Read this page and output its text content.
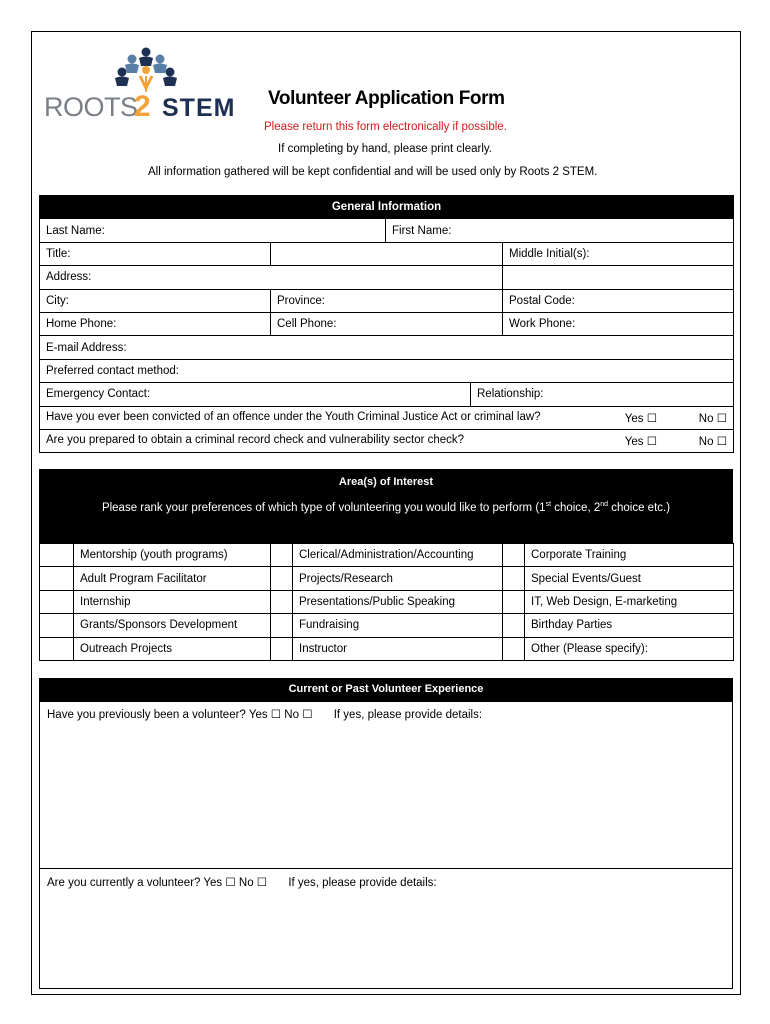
ROOTS
2 STEM Volunteer Application Form
Please return this form electronically if possible.
If completing by hand, please print clearly.
All information gathered will be kept confidential and will be used only by Roots 2 STEM.
General Information				
Last Name:		First Name:		
Title:				Middle Initial(s):
Address:				
City:	Province:			Postal Code:
Home Phone:	Cell Phone:			Work Phone:
E-mail Address:				
Preferred contact method:				
Emergency Contact:			Relationship:	
Have you ever been convicted of an offence under the Youth Criminal Justice Act or criminal law? Yes ☐ No ☐				

Are you prepared to obtain a criminal record check and vulnerability sector check? Yes ☐ No ☐				
Area(s) of Interest
Please rank your preferences of which type of volunteering you would like to perform (1st choice, 2nd choice etc.)
	Mentorship (youth programs)		Clerical/Administration/Accounting		Corporate Training
	Adult Program Facilitator		Projects/Research		Special Events/Guest
	Internship		Presentations/Public Speaking		IT, Web Design, E-marketing
	Grants/Sponsors Development		Fundraising		Birthday Parties
	Outreach Projects		Instructor		Other (Please specify):
Current or Past Volunteer Experience
Have you previously been a volunteer? Yes ☐ No ☐ If yes, please provide details:
Are you currently a volunteer? Yes ☐ No ☐ If yes, please provide details:
